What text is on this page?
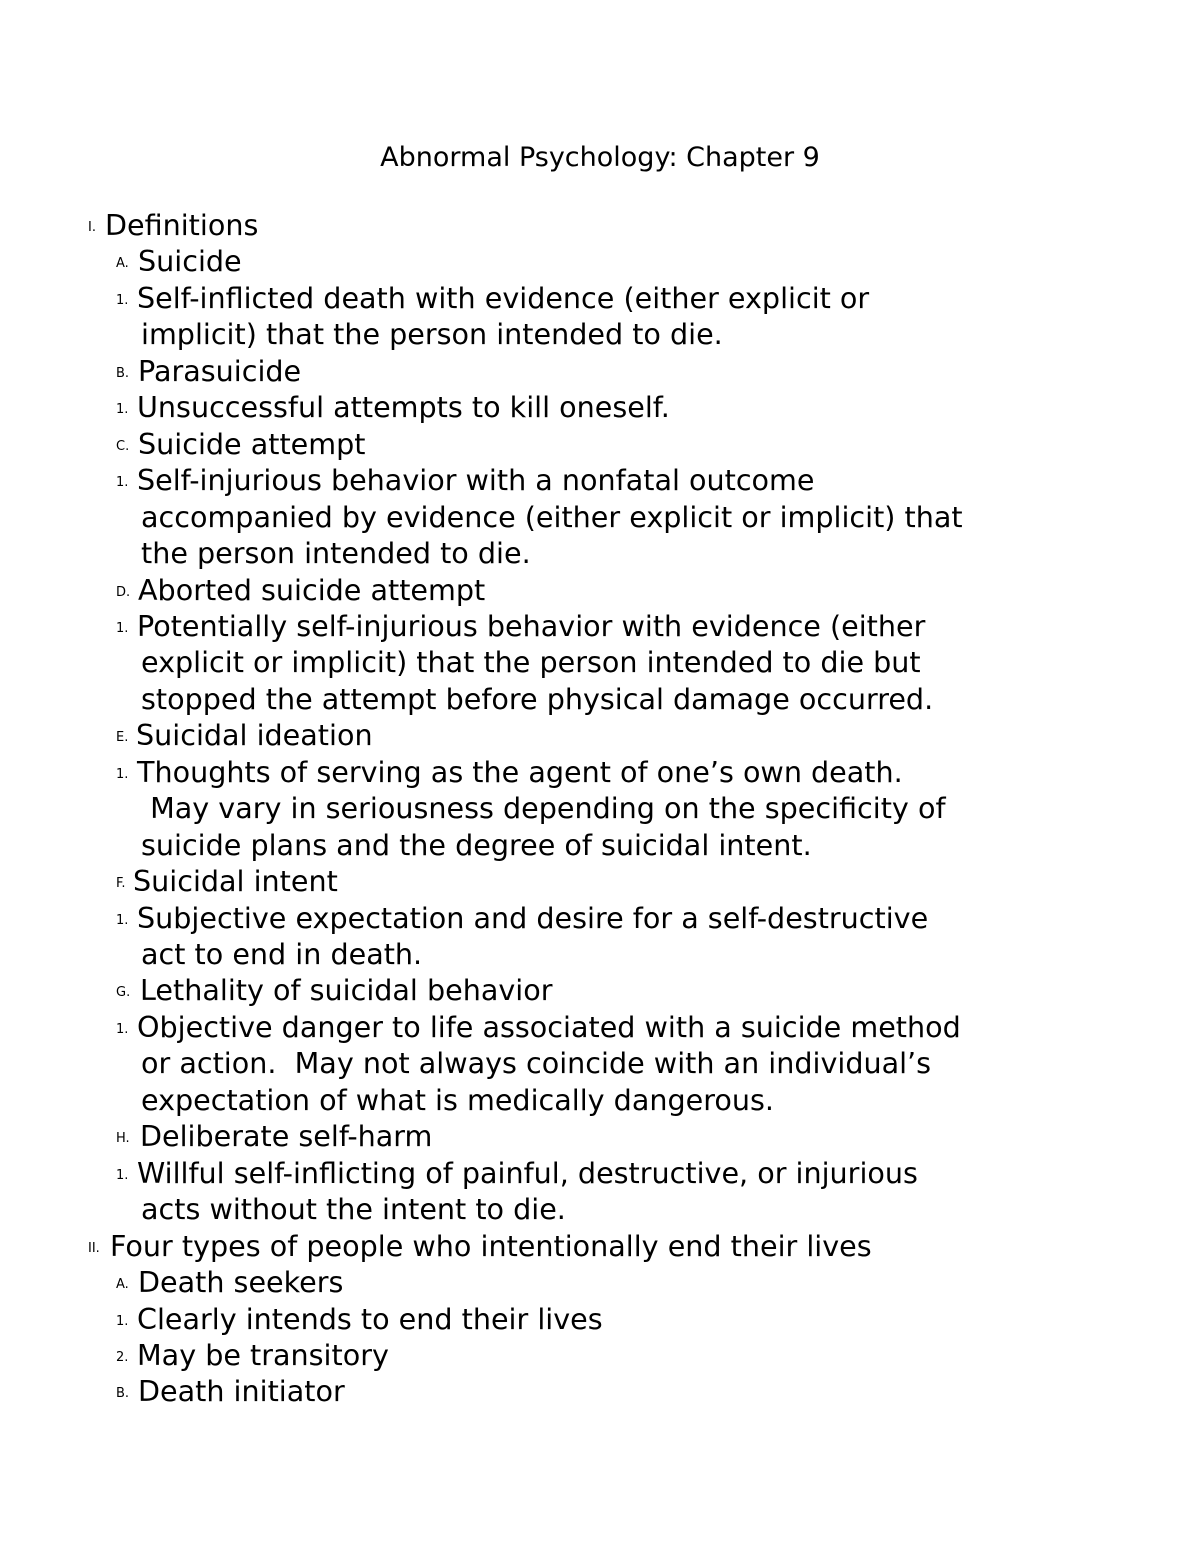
Abnormal Psychology: Chapter 9
I. Definitions
A. Suicide
1. Self-inflicted death with evidence (either explicit or
implicit) that the person intended to die.
B. Parasuicide
1. Unsuccessful attempts to kill oneself.
C. Suicide attempt
1. Self-injurious behavior with a nonfatal outcome
accompanied by evidence (either explicit or implicit) that
the person intended to die.
D. Aborted suicide attempt
1. Potentially self-injurious behavior with evidence (either
explicit or implicit) that the person intended to die but
stopped the attempt before physical damage occurred.
E. Suicidal ideation
1. Thoughts of serving as the agent of one’s own death.
May vary in seriousness depending on the specificity of
suicide plans and the degree of suicidal intent.
F. Suicidal intent
1. Subjective expectation and desire for a self-destructive
act to end in death.
G. Lethality of suicidal behavior
1. Objective danger to life associated with a suicide method
or action.  May not always coincide with an individual’s
expectation of what is medically dangerous.
H. Deliberate self-harm
1. Willful self-inflicting of painful, destructive, or injurious
acts without the intent to die.
II. Four types of people who intentionally end their lives
A. Death seekers
1. Clearly intends to end their lives
2. May be transitory
B. Death initiator
